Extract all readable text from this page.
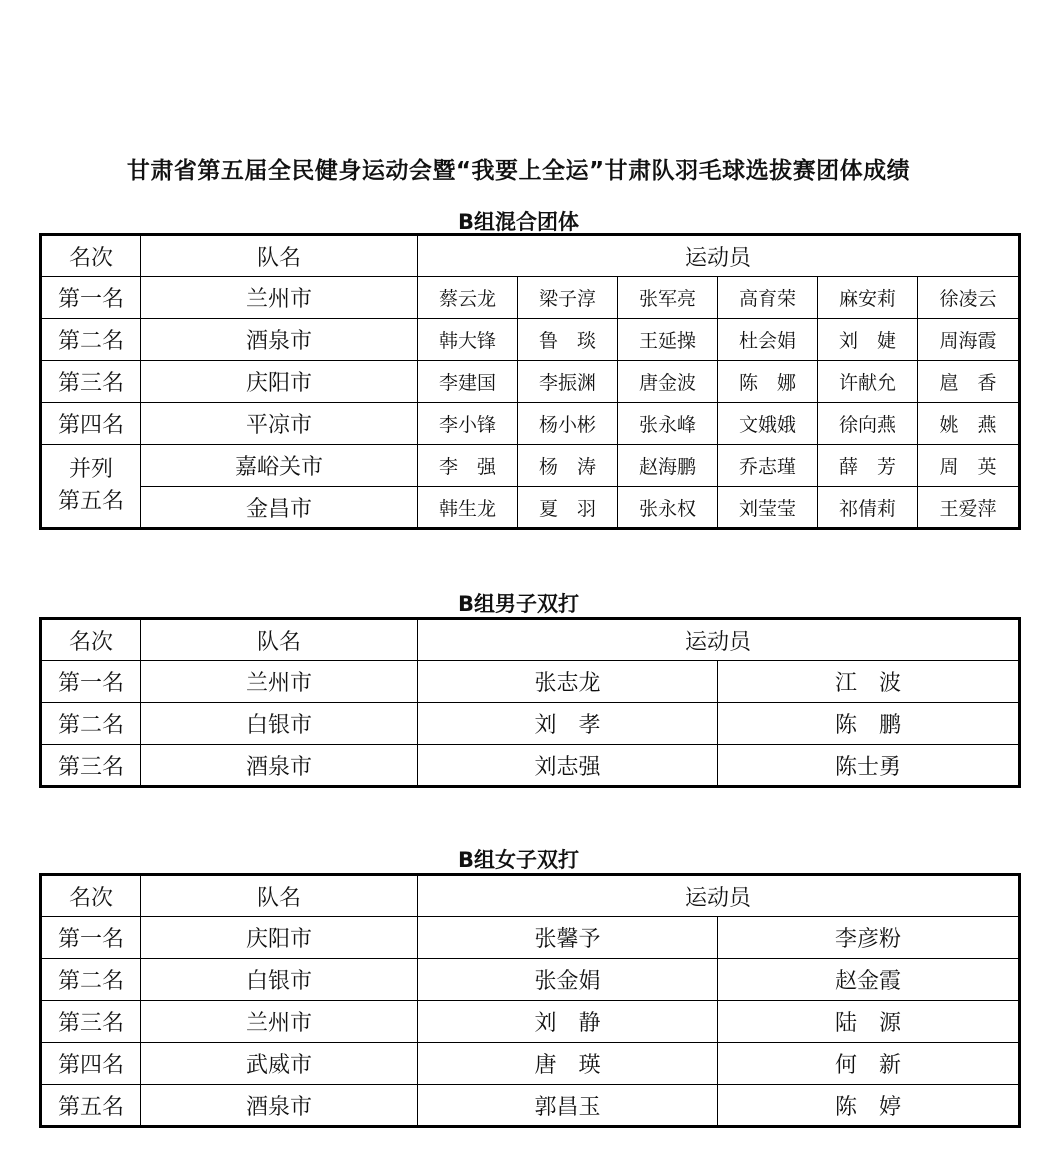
甘肃省第五届全民健身运动会暨“我要上全运”甘肃队羽毛球选拔赛团体成绩
B组混合团体
名次	队名	运动员					
第一名	兰州市	蔡云龙	梁子淳	张军亮	高育荣	麻安莉	徐凌云
第二名	酒泉市	韩大锋	鲁　琰	王延操	杜会娟	刘　婕	周海霞
第三名	庆阳市	李建国	李振渊	唐金波	陈　娜	许献允	扈　香
第四名	平凉市	李小锋	杨小彬	张永峰	文娥娥	徐向燕	姚　燕

并列
第五名	嘉峪关市	李　强	杨　涛	赵海鹏	乔志瑾	薛　芳	周　英
	金昌市	韩生龙	夏　羽	张永权	刘莹莹	祁倩莉	王爱萍
B组男子双打
名次	队名	运动员	
第一名	兰州市	张志龙	江　波
第二名	白银市	刘　孝	陈　鹏
第三名	酒泉市	刘志强	陈士勇
B组女子双打
名次	队名	运动员	
第一名	庆阳市	张馨予	李彦粉
第二名	白银市	张金娟	赵金霞
第三名	兰州市	刘　静	陆　源
第四名	武威市	唐　瑛	何　新
第五名	酒泉市	郭昌玉	陈　婷
